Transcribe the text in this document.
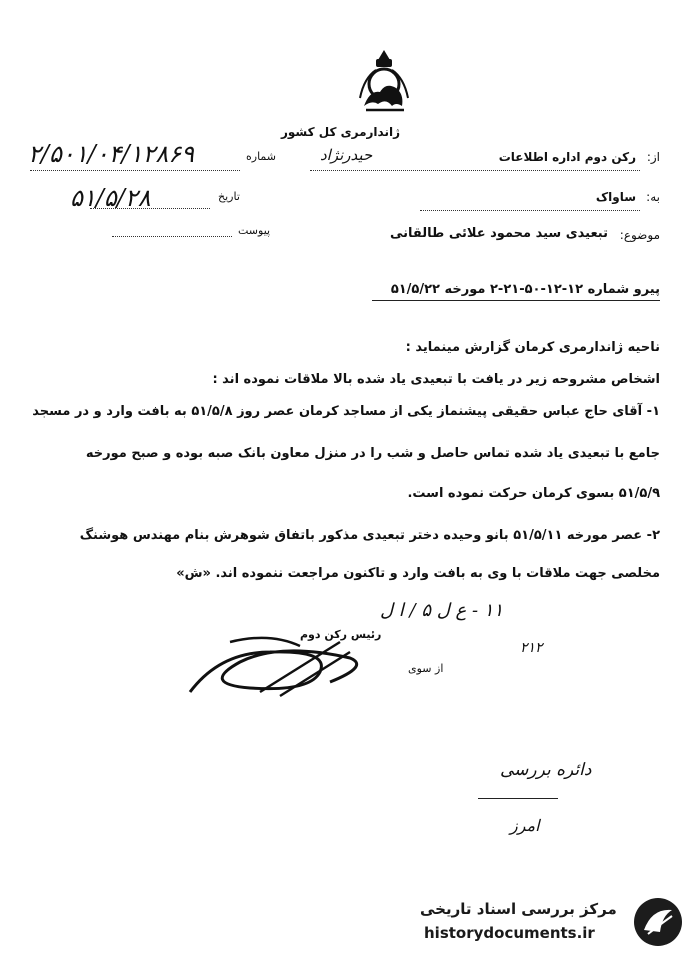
ژاندارمری کل کشور
۲/۵۰۱/۰۴/۱۲۸۶۹	شماره
۵۱/۵/۲۸	تاریخ
پیوست
از:
رکن دوم اداره اطلاعات
حیدرنژاد
به:
ساواک
موضوع:
تبعیدی سید محمود علائی طالقانی
پیرو شماره ۱۲-۱۲-۵۰-۲۱-۲ مورخه ۵۱/۵/۲۲
ناحیه ژاندارمری کرمان گزارش مینماید :
اشخاص مشروحه زیر در یافت با تبعیدی یاد شده بالا ملاقات نموده اند :
۱- آقای حاج عباس حقیقی پیشنماز یکی از مساجد کرمان عصر روز ۵۱/۵/۸ به بافت وارد و در مسجد
جامع با تبعیدی یاد شده تماس حاصل و شب را در منزل معاون بانک صبه بوده و صبح مورخه
۵۱/۵/۹ بسوی کرمان حرکت نموده است.
۲- عصر مورخه ۵۱/۵/۱۱ بانو وحیده دختر تبعیدی مذکور باتفاق شوهرش بنام مهندس هوشنگ
مخلصی جهت ملاقات با وی به بافت وارد و تاکنون مراجعت ننموده اند. «ش»
۱۱ - ع ل ۵ / ا ل
۲۱۲
رئیس رکن دوم
از سوی
دائره بررسی
امرز
مرکز بررسی اسناد تاریخی
historydocuments.ir
